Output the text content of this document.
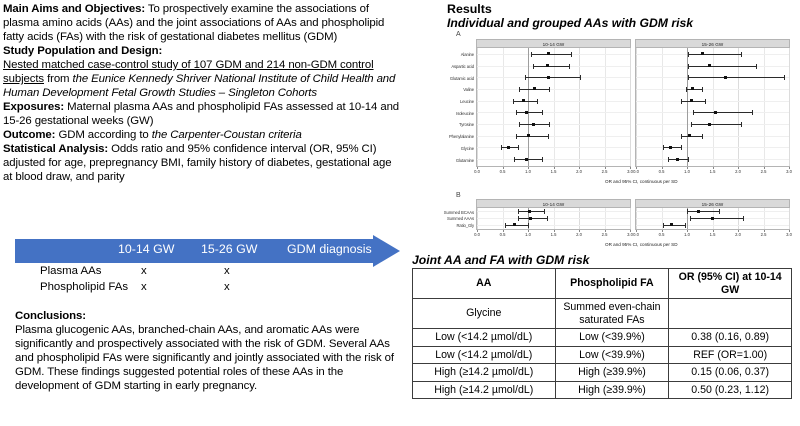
Main Aims and Objectives: To prospectively examine the associations of plasma amino acids (AAs) and the joint associations of AAs and phospholipid fatty acids (FAs) with the risk of gestational diabetes mellitus (GDM)

Study Population and Design:

Nested matched case-control study of 107 GDM and 214 non-GDM control subjects from the Eunice Kennedy Shriver National Institute of Child Health and Human Development Fetal Growth Studies – Singleton Cohorts

Exposures: Maternal plasma AAs and phospholipid FAs assessed at 10-14 and 15-26 gestational weeks (GW)

Outcome: GDM according to the Carpenter-Coustan criteria

Statistical Analysis: Odds ratio and 95% confidence interval (OR, 95% CI) adjusted for age, prepregnancy BMI, family history of diabetes, gestational age at blood draw, and parity

10-14 GW 15-26 GW GDM diagnosis
Plasma AAs	x	x
Phospholipid FAs x	x

Conclusions:

Plasma glucogenic AAs, branched-chain AAs, and aromatic AAs were significantly and prospectively associated with the risk of GDM. Several AAs and phospholipid FAs were significantly and jointly associated with the risk of GDM. These findings suggested potential roles of these AAs in the development of GDM starting in early pregnancy.

Results
Individual and grouped AAs with GDM risk
A
B
10-14 GW
0.0	0.5	1.0	1.5	2.0	2.5	3.0
Alanine
Aspartic acid
Glutamic acid
Valine
Leucine
Isoleucine
Tyrosine
Phenylalanine
Glycine
Glutamine
15-26 GW
0.0	0.5	1.0	1.5	2.0	2.5	3.0
OR and 95% CI, continuous per SD
10-14 GW
0.0	0.5	1.0	1.5	2.0	2.5	3.0
Summed BCAAs
Summed AAAs
Ratio_Gly
15-26 GW
0.0	0.5	1.0	1.5	2.0	2.5	3.0
OR and 95% CI, continuous per SD
Joint AA and FA with GDM risk
AA	Phospholipid FA	OR (95% CI) at 10-14 GW
Glycine	Summed even-chain saturated FAs	
Low (<14.2 µmol/dL)	Low (<39.9%)	0.38 (0.16, 0.89)
Low (<14.2 µmol/dL)	Low (<39.9%)	REF (OR=1.00)
High (≥14.2 µmol/dL)	High (≥39.9%)	0.15 (0.06, 0.37)
High (≥14.2 µmol/dL)	High (≥39.9%)	0.50 (0.23, 1.12)
